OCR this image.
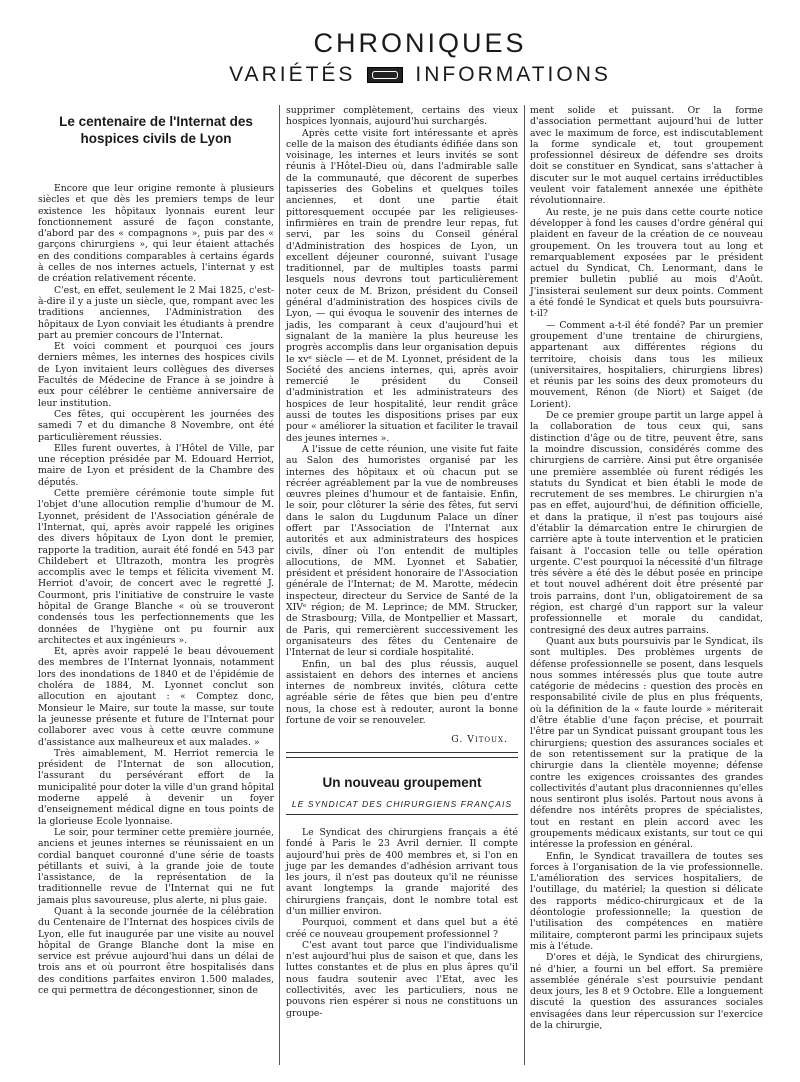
CHRONIQUES
VARIÉTÉS	INFORMATIONS
Le centenaire de l'Internat des hospices civils de Lyon

Encore que leur origine remonte à plusieurs siècles et que dès les premiers temps de leur existence les hôpitaux lyonnais eurent leur fonctionnement assuré de façon constante, d'abord par des « compagnons », puis par des « garçons chirurgiens », qui leur étaient attachés en des conditions comparables à certains égards à celles de nos internes actuels, l'internat y est de création relativement récente.

C'est, en effet, seulement le 2 Mai 1825, c'est-à-dire il y a juste un siècle, que, rompant avec les traditions anciennes, l'Administration des hôpitaux de Lyon conviait les étudiants à prendre part au premier concours de l'Internat.

Et voici comment et pourquoi ces jours derniers mêmes, les internes des hospices civils de Lyon invitaient leurs collègues des diverses Facultés de Médecine de France à se joindre à eux pour célébrer le centième anniversaire de leur institution.

Ces fêtes, qui occupèrent les journées des samedi 7 et du dimanche 8 Novembre, ont été particulièrement réussies.

Elles furent ouvertes, à l'Hôtel de Ville, par une réception présidée par M. Edouard Herriot, maire de Lyon et président de la Chambre des députés.

Cette première cérémonie toute simple fut l'objet d'une allocution remplie d'humour de M. Lyonnet, président de l'Association générale de l'Internat, qui, après avoir rappelé les origines des divers hôpitaux de Lyon dont le premier, rapporte la tradition, aurait été fondé en 543 par Childebert et Ultrazoth, montra les progrès accomplis avec le temps et félicita vivement M. Herriot d'avoir, de concert avec le regretté J. Courmont, pris l'initiative de construire le vaste hôpital de Grange Blanche « où se trouveront condensés tous les perfectionnements que les données de l'hygiène ont pu fournir aux architectes et aux ingénieurs ».

Et, après avoir rappelé le beau dévouement des membres de l'Internat lyonnais, notamment lors des inondations de 1840 et de l'épidémie de choléra de 1884, M. Lyonnet conclut son allocution en ajoutant : « Comptez donc, Monsieur le Maire, sur toute la masse, sur toute la jeunesse présente et future de l'Internat pour collaborer avec vous à cette œuvre commune d'assistance aux malheureux et aux malades. »

Très aimablement, M. Herriot remercia le président de l'Internat de son allocution, l'assurant du persévérant effort de la municipalité pour doter la ville d'un grand hôpital moderne appelé à devenir un foyer d'enseignement médical digne en tous points de la glorieuse Ecole lyonnaise.

Le soir, pour terminer cette première journée, anciens et jeunes internes se réunissaient en un cordial banquet couronné d'une série de toasts pétillants et suivi, à la grande joie de toute l'assistance, de la représentation de la traditionnelle revue de l'Internat qui ne fut jamais plus savoureuse, plus alerte, ni plus gaie.

Quant à la seconde journée de la célébration du Centenaire de l'Internat des hospices civils de Lyon, elle fut inaugurée par une visite au nouvel hôpital de Grange Blanche dont la mise en service est prévue aujourd'hui dans un délai de trois ans et où pourront être hospitalisés dans des conditions parfaites environ 1.500 malades, ce qui permettra de décongestionner, sinon de

supprimer complètement, certains des vieux hospices lyonnais, aujourd'hui surchargés.

Après cette visite fort intéressante et après celle de la maison des étudiants édifiée dans son voisinage, les internes et leurs invités se sont réunis à l'Hôtel-Dieu où, dans l'admirable salle de la communauté, que décorent de superbes tapisseries des Gobelins et quelques toiles anciennes, et dont une partie était pittoresquement occupée par les religieuses-infirmières en train de prendre leur repas, fut servi, par les soins du Conseil général d'Administration des hospices de Lyon, un excellent déjeuner couronné, suivant l'usage traditionnel, par de multiples toasts parmi lesquels nous devrons tout particulièrement noter ceux de M. Brizon, président du Conseil général d'administration des hospices civils de Lyon, — qui évoqua le souvenir des internes de jadis, les comparant à ceux d'aujourd'hui et signalant de la manière la plus heureuse les progrès accomplis dans leur organisation depuis le xvᵉ siècle — et de M. Lyonnet, président de la Société des anciens internes, qui, après avoir remercié le président du Conseil d'administration et les administrateurs des hospices de leur hospitalité, leur rendit grâce aussi de toutes les dispositions prises par eux pour « améliorer la situation et faciliter le travail des jeunes internes ».

A l'issue de cette réunion, une visite fut faite au Salon des humoristes organisé par les internes des hôpitaux et où chacun put se récréer agréablement par la vue de nombreuses œuvres pleines d'humour et de fantaisie. Enfin, le soir, pour clôturer la série des fêtes, fut servi dans le salon du Lugdunum Palace un dîner offert par l'Association de l'Internat aux autorités et aux administrateurs des hospices civils, dîner où l'on entendit de multiples allocutions, de MM. Lyonnet et Sabatier, président et président honoraire de l'Association générale de l'Internat; de M. Marotte, médecin inspecteur, directeur du Service de Santé de la XIVᵉ région; de M. Leprince; de MM. Strucker, de Strasbourg; Villa, de Montpellier et Massart, de Paris, qui remercièrent successivement les organisateurs des fêtes du Centenaire de l'Internat de leur si cordiale hospitalité.

Enfin, un bal des plus réussis, auquel assistaient en dehors des internes et anciens internes de nombreux invités, clôtura cette agréable série de fêtes que bien peu d'entre nous, la chose est à redouter, auront la bonne fortune de voir se renouveler.

G. Vitoux.
Un nouveau groupement
LE SYNDICAT DES CHIRURGIENS FRANÇAIS

Le Syndicat des chirurgiens français a été fondé à Paris le 23 Avril dernier. Il compte aujourd'hui près de 400 membres et, si l'on en juge par les demandes d'adhésion arrivant tous les jours, il n'est pas douteux qu'il ne réunisse avant longtemps la grande majorité des chirurgiens français, dont le nombre total est d'un millier environ.

Pourquoi, comment et dans quel but a été créé ce nouveau groupement professionnel ?

C'est avant tout parce que l'individualisme n'est aujourd'hui plus de saison et que, dans les luttes constantes et de plus en plus âpres qu'il nous faudra soutenir avec l'Etat, avec les collectivités, avec les particuliers, nous ne pouvons rien espérer si nous ne constituons un groupe-

ment solide et puissant. Or la forme d'association permettant aujourd'hui de lutter avec le maximum de force, est indiscutablement la forme syndicale et, tout groupement professionnel désireux de défendre ses droits doit se constituer en Syndicat, sans s'attacher à discuter sur le mot auquel certains irréductibles veulent voir fatalement annexée une épithète révolutionnaire.

Au reste, je ne puis dans cette courte notice développer à fond les causes d'ordre général qui plaident en faveur de la création de ce nouveau groupement. On les trouvera tout au long et remarquablement exposées par le président actuel du Syndicat, Ch. Lenormant, dans le premier bulletin publié au mois d'Août. J'insisterai seulement sur deux points. Comment a été fondé le Syndicat et quels buts poursuivra-t-il?

— Comment a-t-il été fondé? Par un premier groupement d'une trentaine de chirurgiens, appartenant aux différentes régions du territoire, choisis dans tous les milieux (universitaires, hospitaliers, chirurgiens libres) et réunis par les soins des deux promoteurs du mouvement, Rénon (de Niort) et Saiget (de Lorient).

De ce premier groupe partit un large appel à la collaboration de tous ceux qui, sans distinction d'âge ou de titre, peuvent être, sans la moindre discussion, considérés comme des chirurgiens de carrière. Ainsi put être organisée une première assemblée où furent rédigés les statuts du Syndicat et bien établi le mode de recrutement de ses membres. Le chirurgien n'a pas en effet, aujourd'hui, de définition officielle, et dans la pratique, il n'est pas toujours aisé d'établir la démarcation entre le chirurgien de carrière apte à toute intervention et le praticien faisant à l'occasion telle ou telle opération urgente. C'est pourquoi la nécessité d'un filtrage très sévère a été dès le début posée en principe et tout nouvel adhérent doit être présenté par trois parrains, dont l'un, obligatoirement de sa région, est chargé d'un rapport sur la valeur professionnelle et morale du candidat, contresigné des deux autres parrains.

Quant aux buts poursuivis par le Syndicat, ils sont multiples. Des problèmes urgents de défense professionnelle se posent, dans lesquels nous sommes intéressés plus que toute autre catégorie de médecins : question des procès en responsabilité civile de plus en plus fréquents, où la définition de la « faute lourde » mériterait d'être établie d'une façon précise, et pourrait l'être par un Syndicat puissant groupant tous les chirurgiens; question des assurances sociales et de son retentissement sur la pratique de la chirurgie dans la clientèle moyenne; défense contre les exigences croissantes des grandes collectivités d'autant plus draconniennes qu'elles nous sentiront plus isolés. Partout nous avons à défendre nos intérêts propres de spécialistes, tout en restant en plein accord avec les groupements médicaux existants, sur tout ce qui intéresse la profession en général.

Enfin, le Syndicat travaillera de toutes ses forces à l'organisation de la vie professionnelle. L'amélioration des services hospitaliers, de l'outillage, du matériel; la question si délicate des rapports médico-chirurgicaux et de la déontologie professionnelle; la question de l'utilisation des compétences en matière militaire, compteront parmi les principaux sujets mis à l'étude.

D'ores et déjà, le Syndicat des chirurgiens, né d'hier, a fourni un bel effort. Sa première assemblée générale s'est poursuivie pendant deux jours, les 8 et 9 Octobre. Elle a longuement discuté la question des assurances sociales envisagées dans leur répercussion sur l'exercice de la chirurgie,
